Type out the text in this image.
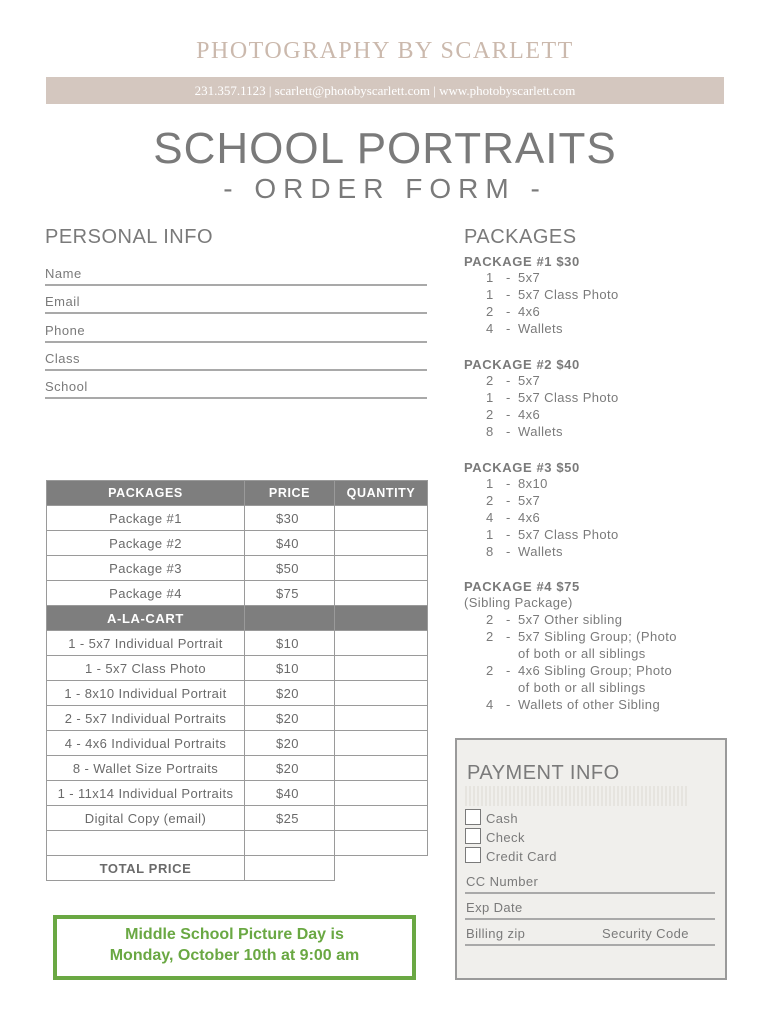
PHOTOGRAPHY BY SCARLETT
231.357.1123 | scarlett@photobyscarlett.com | www.photobyscarlett.com
SCHOOL PORTRAITS
- ORDER FORM -
PERSONAL INFO
Name
Email
Phone
Class
School
PACKAGES	PRICE	QUANTITY
Package #1	$30	
Package #2	$40	
Package #3	$50	
Package #4	$75	
A-LA-CART		
1 - 5x7 Individual Portrait	$10	
1 - 5x7 Class Photo	$10	
1 - 8x10 Individual Portrait	$20	
2 - 5x7 Individual Portraits	$20	
4 - 4x6 Individual Portraits	$20	
8 - Wallet Size Portraits	$20	
1 - 11x14 Individual Portraits	$40	
Digital Copy (email)	$25	

TOTAL PRICE		
Middle School Picture Day is
Monday, October 10th at 9:00 am
PACKAGES
PACKAGE #1 $30
1 - 5x7
1 - 5x7 Class Photo
2 - 4x6
4 - Wallets
PACKAGE #2 $40
2 - 5x7
1 - 5x7 Class Photo
2 - 4x6
8 - Wallets
PACKAGE #3 $50
1 - 8x10
2 - 5x7
4 - 4x6
1 - 5x7 Class Photo
8 - Wallets
PACKAGE #4 $75
(Sibling Package)
2 - 5x7 Other sibling
2 - 5x7 Sibling Group; (Photo
of both or all siblings
2 - 4x6 Sibling Group; Photo
of both or all siblings
4 - Wallets of other Sibling
PAYMENT INFO
Cash
Check
Credit Card
CC Number
Exp Date
Billing zip	Security Code
